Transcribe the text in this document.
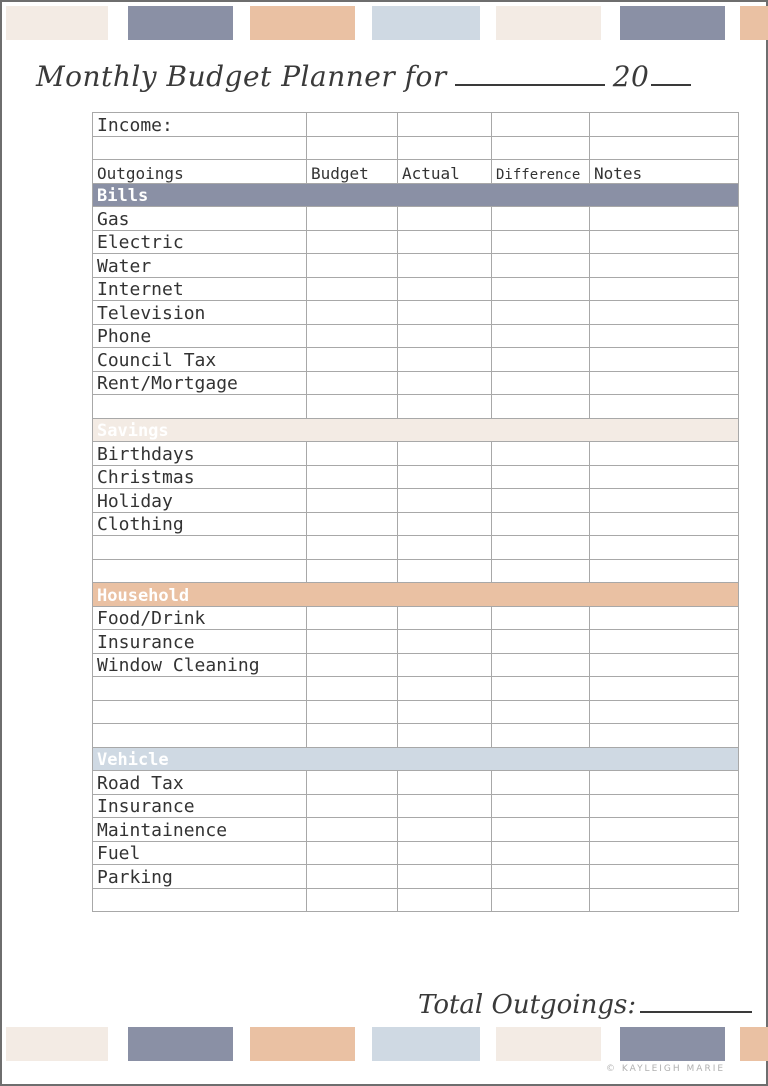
Monthly Budget Planner for	20
Income:				

Outgoings	Budget	Actual	Difference	Notes
Bills				
Gas				
Electric				
Water				
Internet				
Television				
Phone				
Council Tax				
Rent/Mortgage				

Savings				
Birthdays				
Christmas				
Holiday				
Clothing				

Household				
Food/Drink				
Insurance				
Window Cleaning				

Vehicle				
Road Tax				
Insurance				
Maintainence				
Fuel				
Parking				

Total Outgoings:
© KAYLEIGH MARIE
